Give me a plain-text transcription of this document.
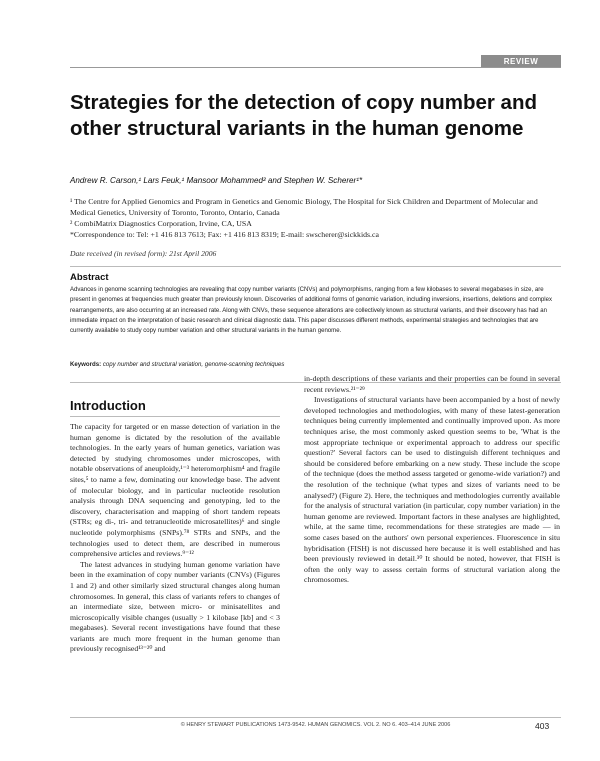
REVIEW
Strategies for the detection of copy number and other structural variants in the human genome
Andrew R. Carson,¹ Lars Feuk,¹ Mansoor Mohammed² and Stephen W. Scherer¹*

¹ The Centre for Applied Genomics and Program in Genetics and Genomic Biology, The Hospital for Sick Children and Department of Molecular and Medical Genetics, University of Toronto, Toronto, Ontario, Canada

² CombiMatrix Diagnostics Corporation, Irvine, CA, USA

*Correspondence to: Tel: +1 416 813 7613; Fax: +1 416 813 8319; E-mail: swscherer@sickkids.ca

Date received (in revised form): 21st April 2006
Abstract

Advances in genome scanning technologies are revealing that copy number variants (CNVs) and polymorphisms, ranging from a few kilobases to several megabases in size, are present in genomes at frequencies much greater than previously known. Discoveries of additional forms of genomic variation, including inversions, insertions, deletions and complex rearrangements, are also occurring at an increased rate. Along with CNVs, these sequence alterations are collectively known as structural variants, and their discovery has had an immediate impact on the interpretation of basic research and clinical diagnostic data. This paper discusses different methods, experimental strategies and technologies that are currently available to study copy number variation and other structural variants in the human genome.

Keywords: copy number and structural variation, genome-scanning techniques
Introduction

The capacity for targeted or en masse detection of variation in the human genome is dictated by the resolution of the available technologies. In the early years of human genetics, variation was detected by studying chromosomes under microscopes, with notable observations of aneuploidy,¹⁻³ heteromorphism⁴ and fragile sites,⁵ to name a few, dominating our knowledge base. The advent of molecular biology, and in particular nucleotide resolution analysis through DNA sequencing and genotyping, led to the discovery, characterisation and mapping of short tandem repeats (STRs; eg di-, tri- and tetranucleotide microsatellites)⁶ and single nucleotide polymorphisms (SNPs).⁷⁸ STRs and SNPs, and the technologies used to detect them, are described in numerous comprehensive articles and reviews.⁹⁻¹²

The latest advances in studying human genome variation have been in the examination of copy number variants (CNVs) (Figures 1 and 2) and other similarly sized structural changes along human chromosomes. In general, this class of variants refers to changes of an intermediate size, between micro- or minisatellites and microscopically visible changes (usually > 1 kilobase [kb] and < 3 megabases). Several recent investigations have found that these variants are much more frequent in the human genome than previously recognised¹³⁻²⁰ and

in-depth descriptions of these variants and their properties can be found in several recent reviews.²¹⁻²⁹

Investigations of structural variants have been accompanied by a host of newly developed technologies and methodologies, with many of these latest-generation techniques being currently implemented and continually improved upon. As more techniques arise, the most commonly asked question seems to be, 'What is the most appropriate technique or experimental approach to address our specific question?' Several factors can be used to distinguish different techniques and should be considered before embarking on a new study. These include the scope of the technique (does the method assess targeted or genome-wide variation?) and the resolution of the technique (what types and sizes of variants need to be analysed?) (Figure 2). Here, the techniques and methodologies currently available for the analysis of structural variation (in particular, copy number variation) in the human genome are reviewed. Important factors in these analyses are highlighted, while, at the same time, recommendations for these strategies are made — in some cases based on the authors' own personal experiences. Fluorescence in situ hybridisation (FISH) is not discussed here because it is well established and has been previously reviewed in detail.³⁰ It should be noted, however, that FISH is often the only way to assess certain forms of structural variation along the chromosomes.

© HENRY STEWART PUBLICATIONS 1473-9542. HUMAN GENOMICS. VOL 2. NO 6. 403–414 JUNE 2006	403
